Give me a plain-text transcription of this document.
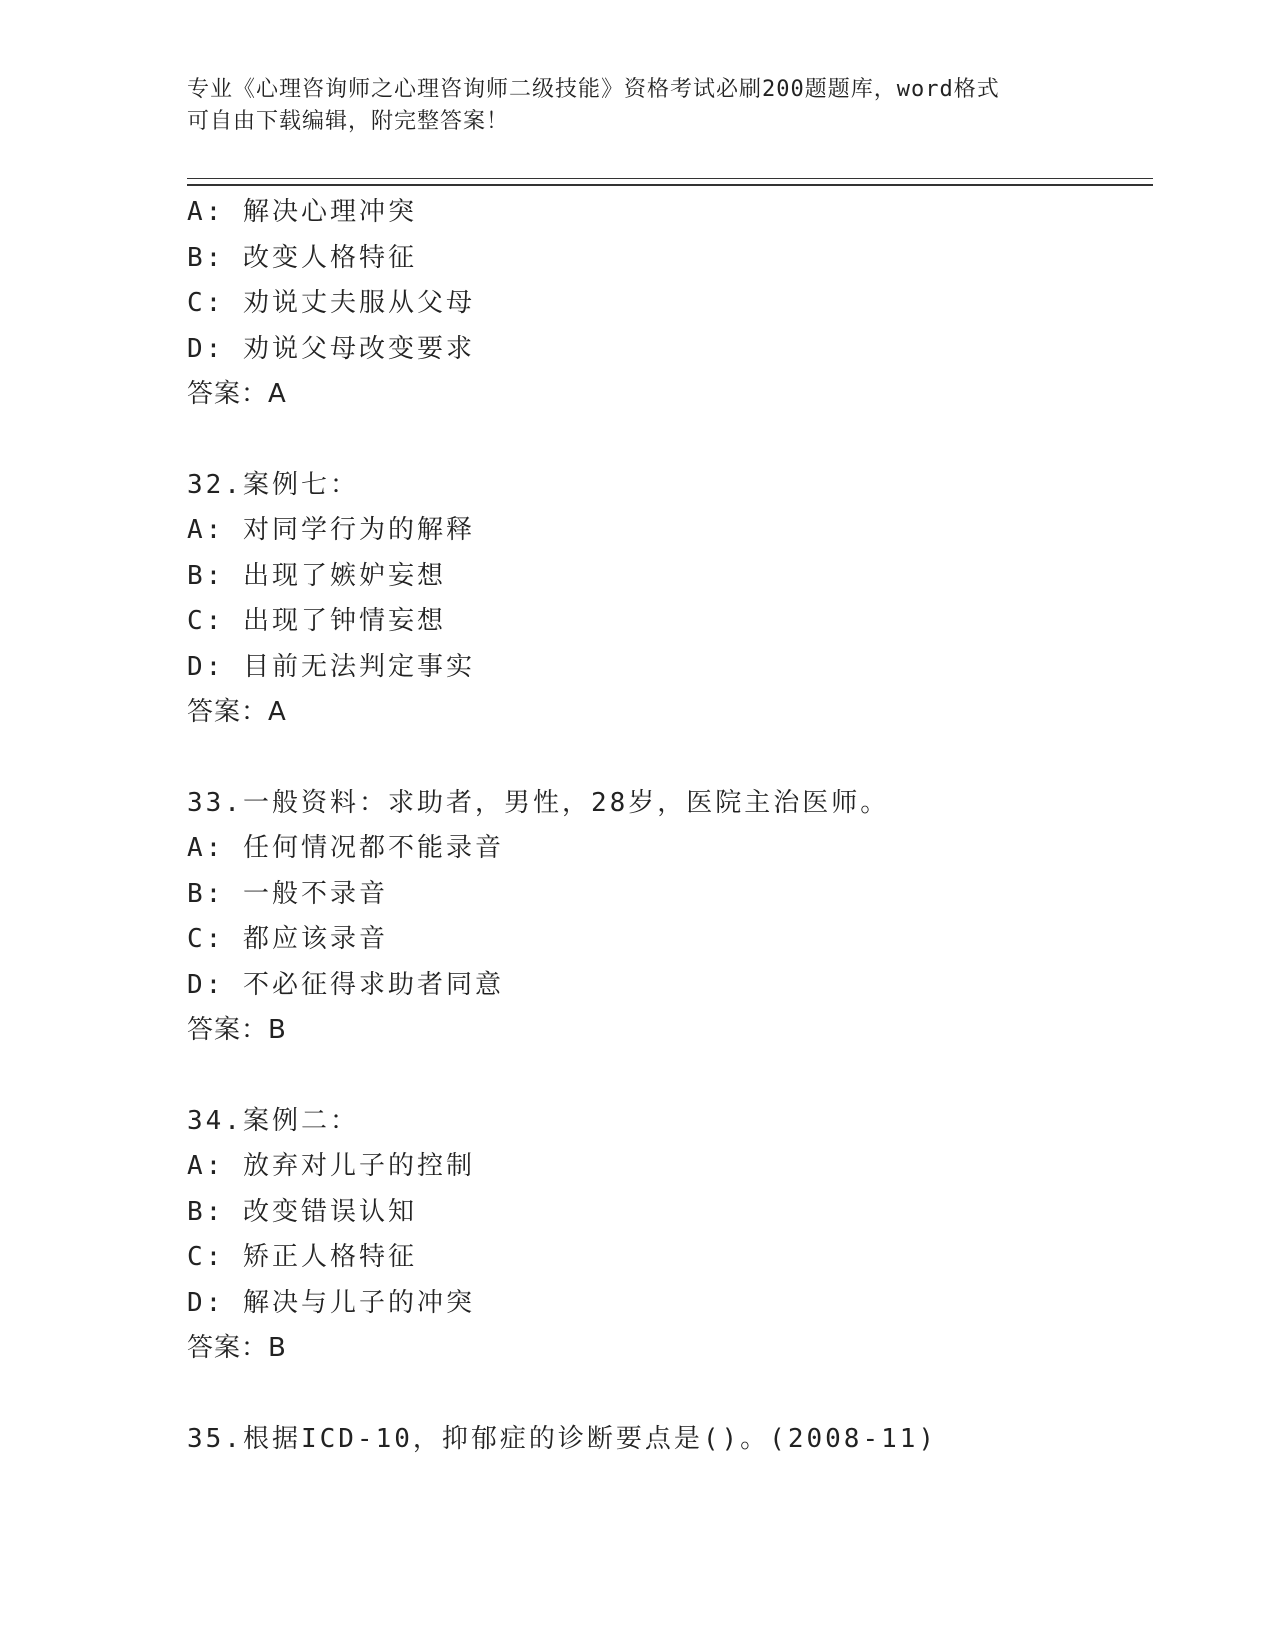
专业《心理咨询师之心理咨询师二级技能》资格考试必刷200题题库，word格式
可自由下载编辑，附完整答案！
A: 解决心理冲突
B: 改变人格特征
C: 劝说丈夫服从父母
D: 劝说父母改变要求
答案：A
32.案例七：
A: 对同学行为的解释
B: 出现了嫉妒妄想
C: 出现了钟情妄想
D: 目前无法判定事实
答案：A
33.一般资料：求助者，男性，28岁，医院主治医师。
A: 任何情况都不能录音
B: 一般不录音
C: 都应该录音
D: 不必征得求助者同意
答案：B
34.案例二：
A: 放弃对儿子的控制
B: 改变错误认知
C: 矫正人格特征
D: 解决与儿子的冲突
答案：B
35.根据ICD-10，抑郁症的诊断要点是()。(2008-11)
